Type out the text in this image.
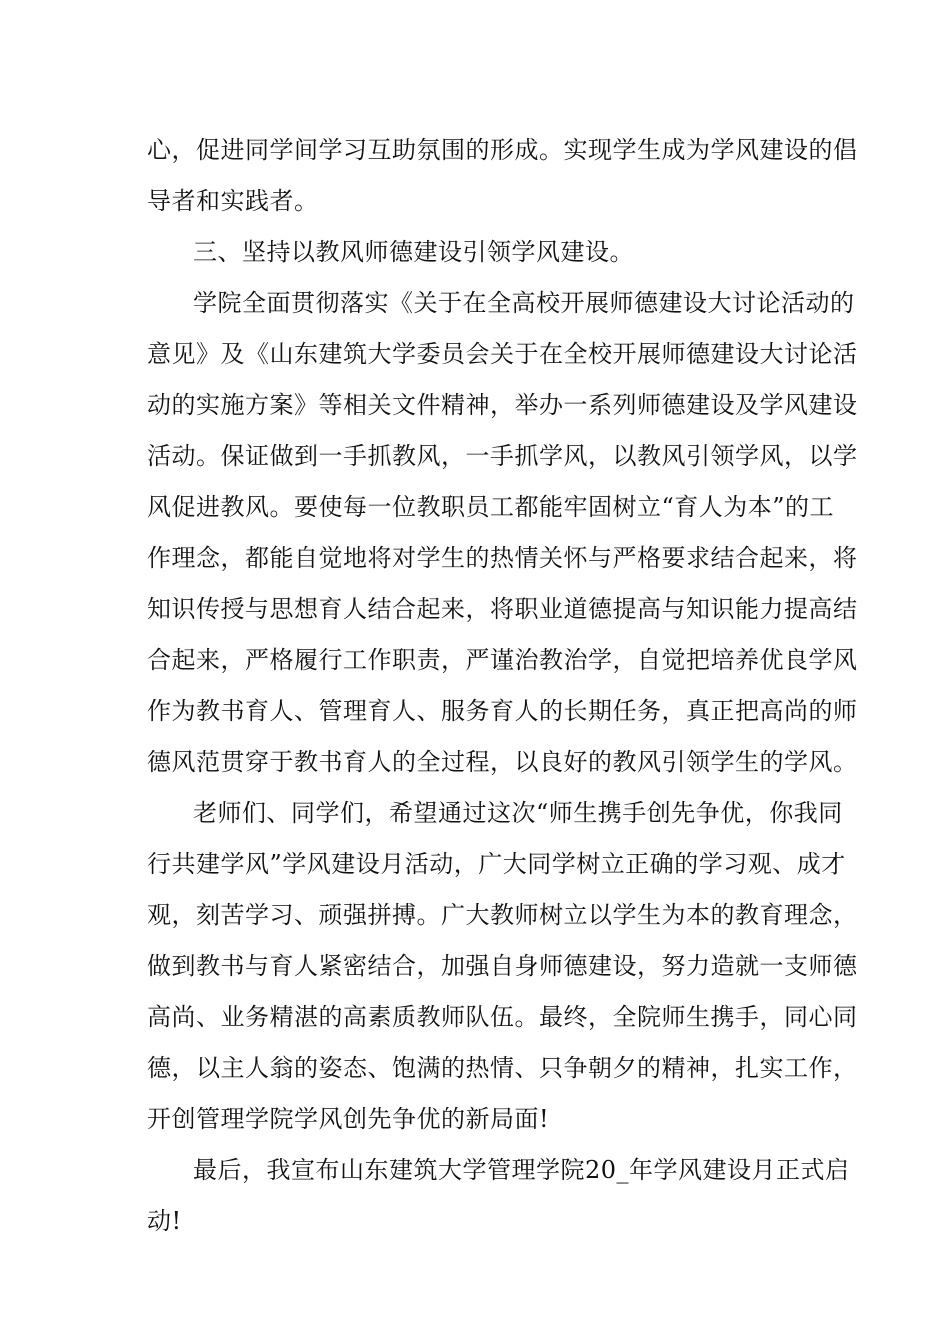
心，促进同学间学习互助氛围的形成。实现学生成为学风建设的倡
导者和实践者。
三、坚持以教风师德建设引领学风建设。
学院全面贯彻落实《关于在全高校开展师德建设大讨论活动的
意见》及《山东建筑大学委员会关于在全校开展师德建设大讨论活
动的实施方案》等相关文件精神，举办一系列师德建设及学风建设
活动。保证做到一手抓教风，一手抓学风，以教风引领学风，以学
风促进教风。要使每一位教职员工都能牢固树立“育人为本”的工
作理念，都能自觉地将对学生的热情关怀与严格要求结合起来，将
知识传授与思想育人结合起来，将职业道德提高与知识能力提高结
合起来，严格履行工作职责，严谨治教治学，自觉把培养优良学风
作为教书育人、管理育人、服务育人的长期任务，真正把高尚的师
德风范贯穿于教书育人的全过程，以良好的教风引领学生的学风。
老师们、同学们，希望通过这次“师生携手创先争优，你我同
行共建学风”学风建设月活动，广大同学树立正确的学习观、成才
观，刻苦学习、顽强拼搏。广大教师树立以学生为本的教育理念，
做到教书与育人紧密结合，加强自身师德建设，努力造就一支师德
高尚、业务精湛的高素质教师队伍。最终，全院师生携手，同心同
德，以主人翁的姿态、饱满的热情、只争朝夕的精神，扎实工作，
开创管理学院学风创先争优的新局面!
最后，我宣布山东建筑大学管理学院20_年学风建设月正式启
动!
